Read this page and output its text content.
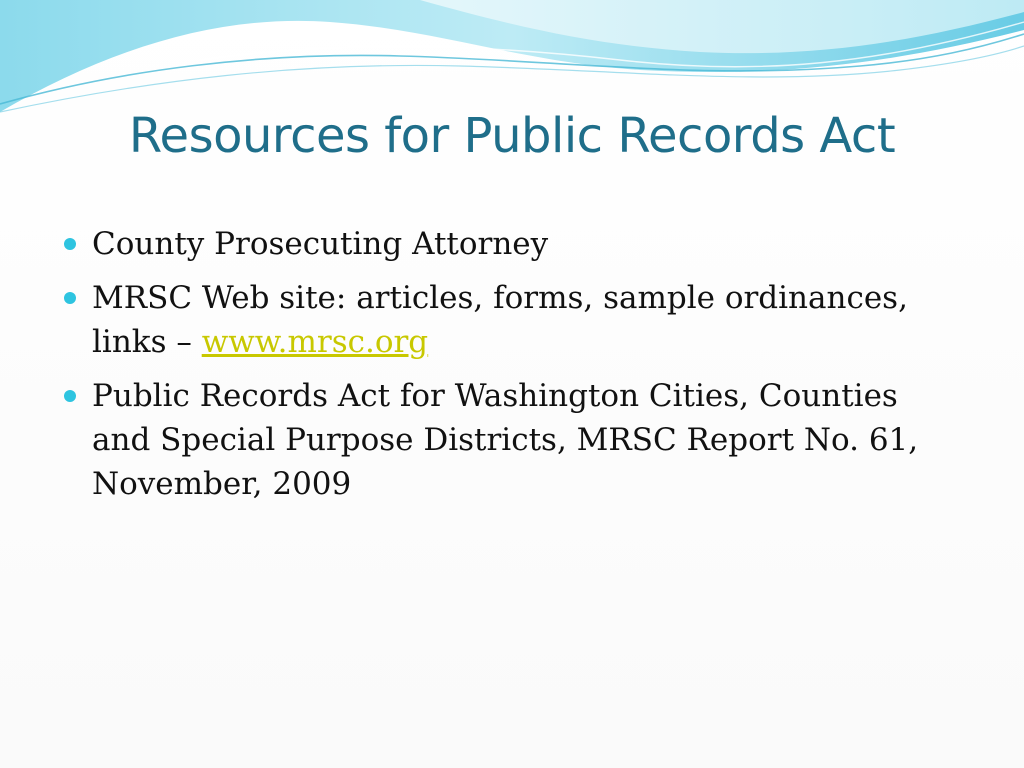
Resources for Public Records Act
County Prosecuting Attorney
MRSC Web site: articles, forms, sample ordinances, links – www.mrsc.org
Public Records Act for Washington Cities, Counties and Special Purpose Districts, MRSC Report No. 61, November, 2009
